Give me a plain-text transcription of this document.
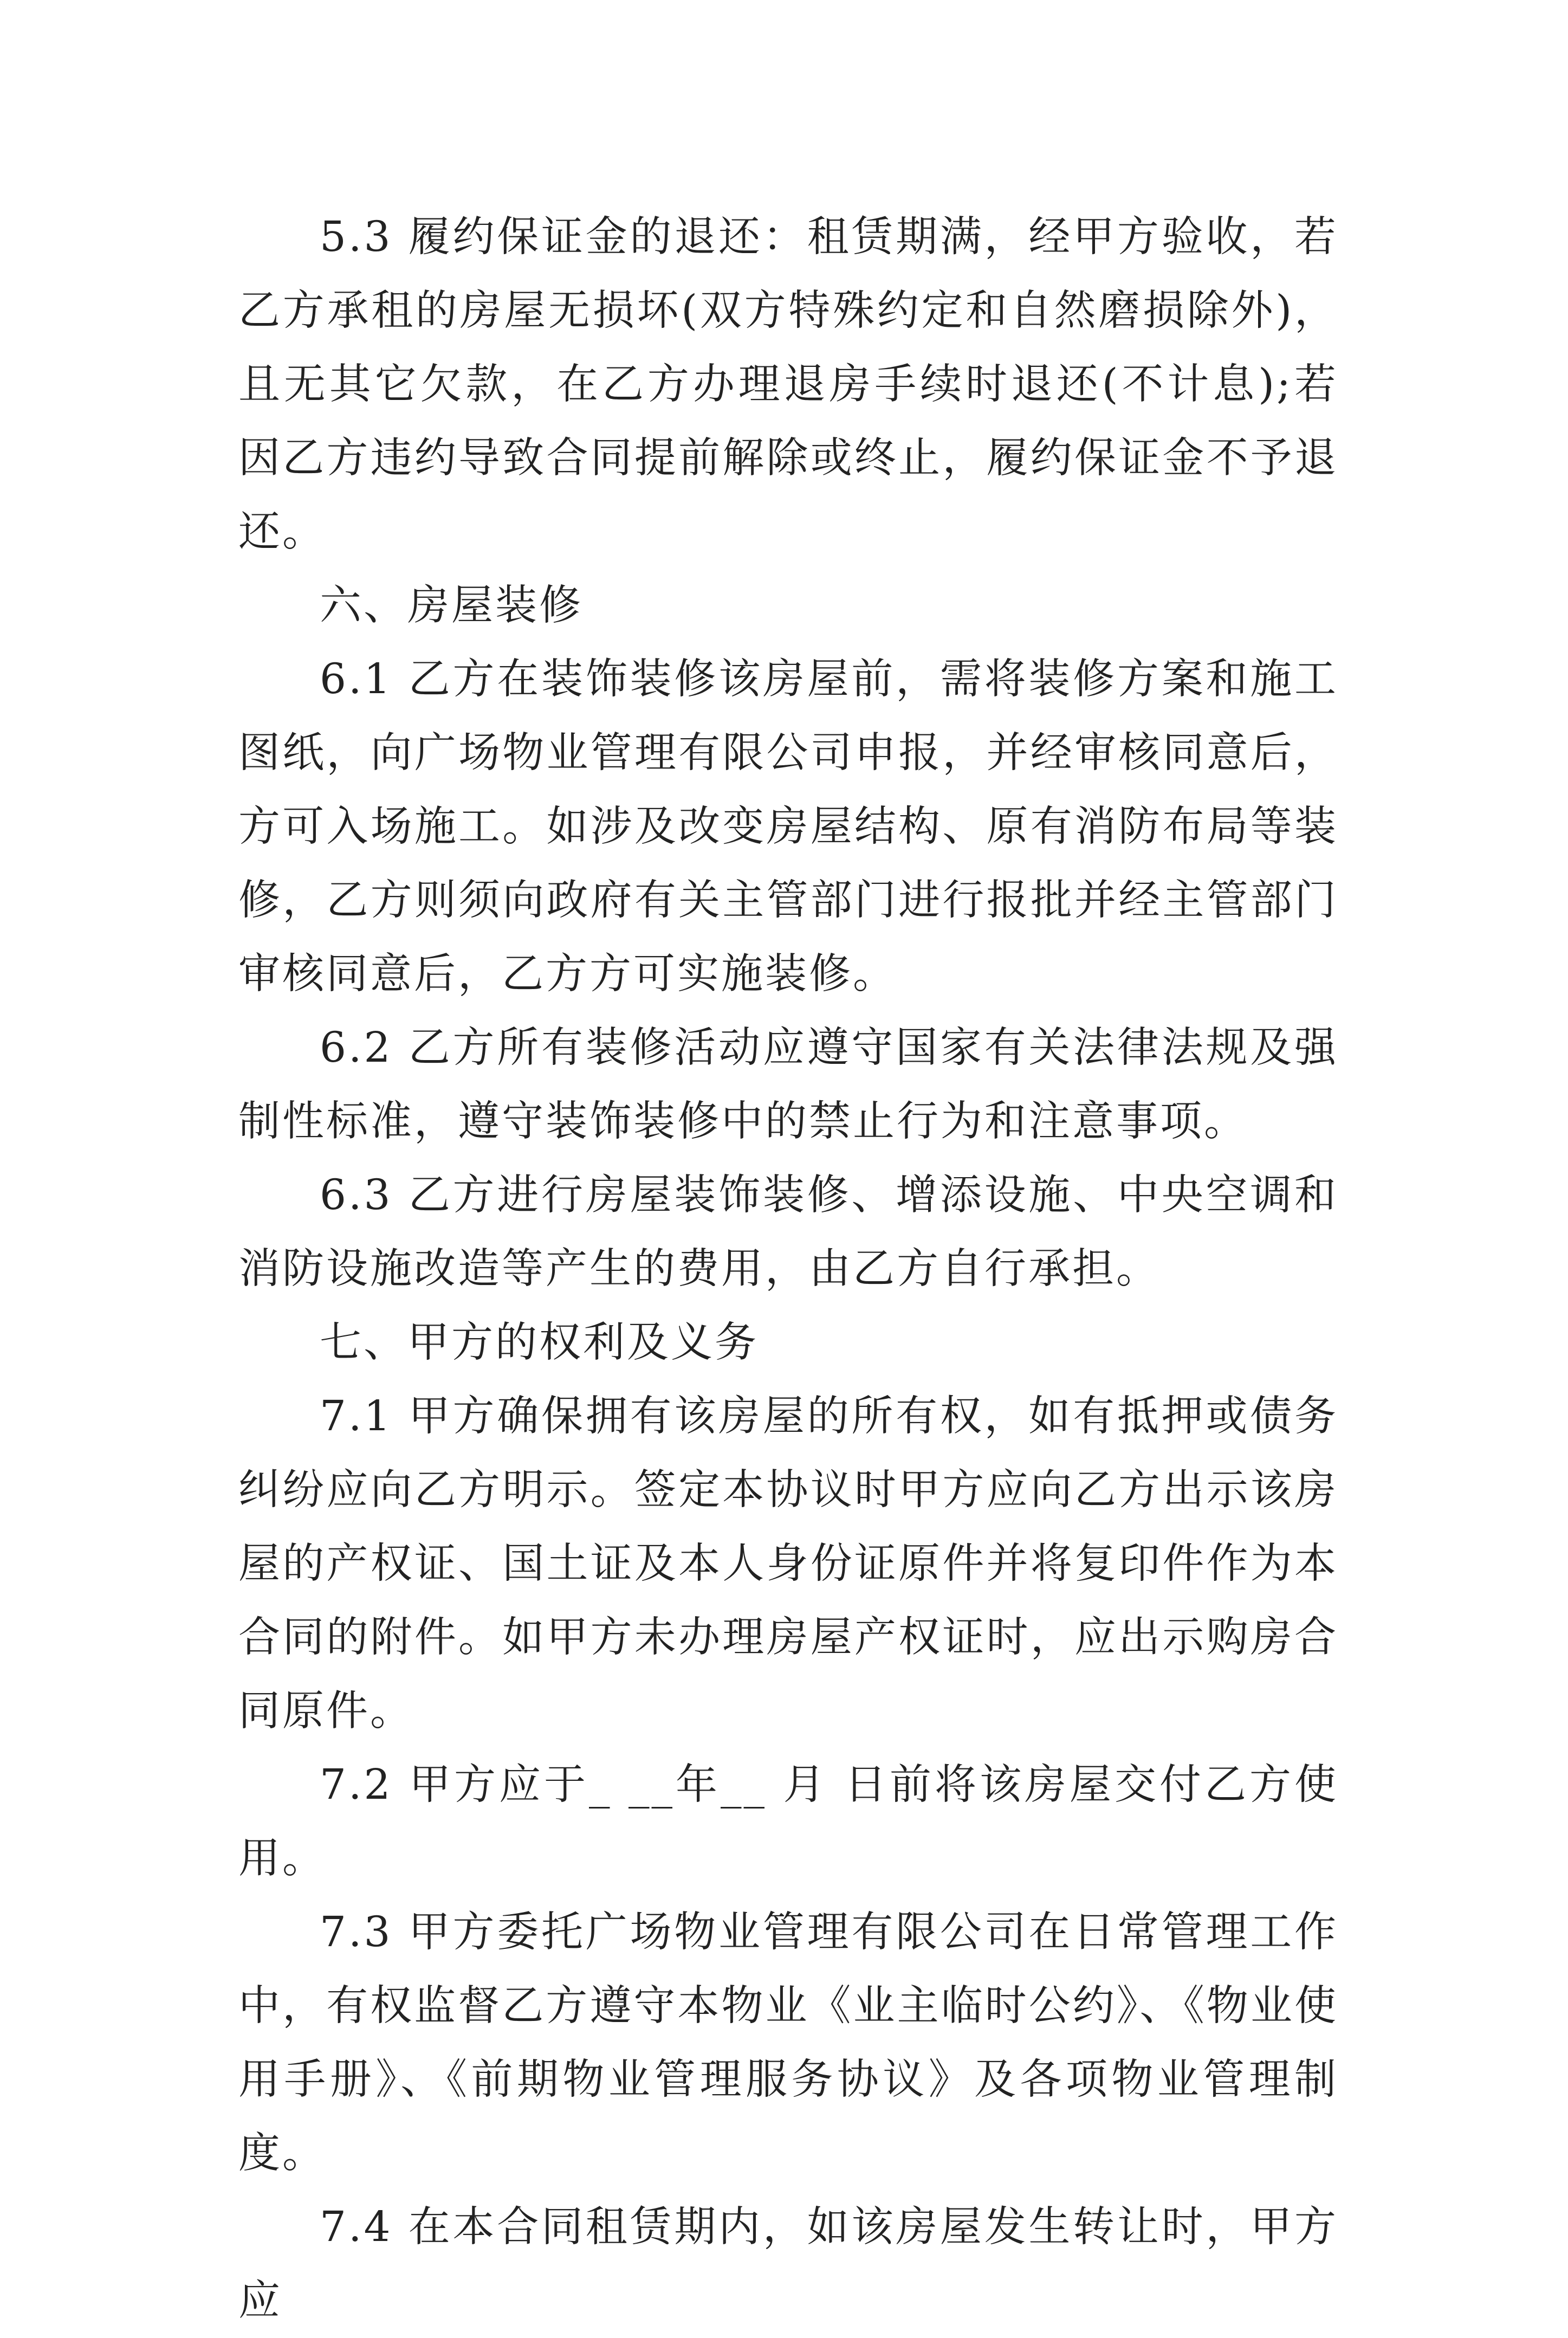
5.3 履约保证金的退还：租赁期满，经甲方验收，若乙方承租的房屋无损坏(双方特殊约定和自然磨损除外)，且无其它欠款，在乙方办理退房手续时退还(不计息);若因乙方违约导致合同提前解除或终止，履约保证金不予退还。

六、房屋装修

6.1 乙方在装饰装修该房屋前，需将装修方案和施工图纸，向广场物业管理有限公司申报，并经审核同意后，方可入场施工。如涉及改变房屋结构、原有消防布局等装修，乙方则须向政府有关主管部门进行报批并经主管部门审核同意后，乙方方可实施装修。

6.2 乙方所有装修活动应遵守国家有关法律法规及强制性标准，遵守装饰装修中的禁止行为和注意事项。

6.3 乙方进行房屋装饰装修、增添设施、中央空调和消防设施改造等产生的费用，由乙方自行承担。

七、甲方的权利及义务

7.1 甲方确保拥有该房屋的所有权，如有抵押或债务纠纷应向乙方明示。签定本协议时甲方应向乙方出示该房屋的产权证、国土证及本人身份证原件并将复印件作为本合同的附件。如甲方未办理房屋产权证时，应出示购房合同原件。

7.2 甲方应于_ __年__ 月 日前将该房屋交付乙方使用。

7.3 甲方委托广场物业管理有限公司在日常管理工作中，有权监督乙方遵守本物业《业主临时公约》、《物业使用手册》、《前期物业管理服务协议》及各项物业管理制度。

7.4 在本合同租赁期内，如该房屋发生转让时，甲方应
